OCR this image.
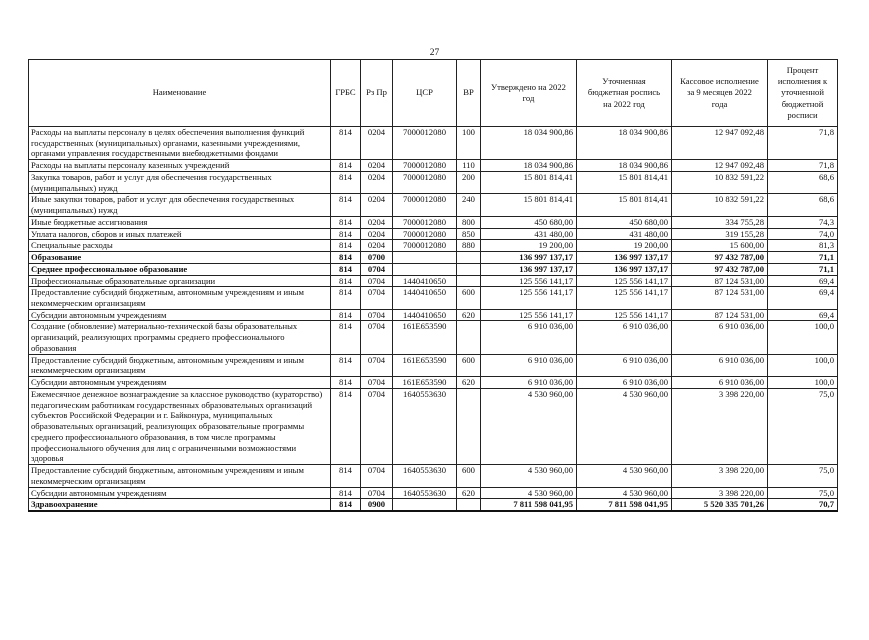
27
Наименование	ГРБС	Рз Пр	ЦСР	ВР	Утверждено на 2022 год	Уточненная бюджетная роспись на 2022 год	Кассовое исполнение за 9 месяцев 2022 года	Процент исполнения к уточненной бюджетной росписи
Расходы на выплаты персоналу в целях обеспечения выполнения функций государственных (муниципальных) органами, казенными учреждениями, органами управления государственными внебюджетными фондами	814	0204	7000012080	100	18 034 900,86	18 034 900,86	12 947 092,48	71,8
Расходы на выплаты персоналу казенных учреждений	814	0204	7000012080	110	18 034 900,86	18 034 900,86	12 947 092,48	71,8
Закупка товаров, работ и услуг для обеспечения государственных (муниципальных) нужд	814	0204	7000012080	200	15 801 814,41	15 801 814,41	10 832 591,22	68,6
Иные закупки товаров, работ и услуг для обеспечения государственных (муниципальных) нужд	814	0204	7000012080	240	15 801 814,41	15 801 814,41	10 832 591,22	68,6
Иные бюджетные ассигнования	814	0204	7000012080	800	450 680,00	450 680,00	334 755,28	74,3
Уплата налогов, сборов и иных платежей	814	0204	7000012080	850	431 480,00	431 480,00	319 155,28	74,0
Специальные расходы	814	0204	7000012080	880	19 200,00	19 200,00	15 600,00	81,3
Образование	814	0700			136 997 137,17	136 997 137,17	97 432 787,00	71,1
Среднее профессиональное образование	814	0704			136 997 137,17	136 997 137,17	97 432 787,00	71,1
Профессиональные образовательные организации	814	0704	1440410650		125 556 141,17	125 556 141,17	87 124 531,00	69,4
Предоставление субсидий бюджетным, автономным учреждениям и иным некоммерческим организациям	814	0704	1440410650	600	125 556 141,17	125 556 141,17	87 124 531,00	69,4
Субсидии автономным учреждениям	814	0704	1440410650	620	125 556 141,17	125 556 141,17	87 124 531,00	69,4
Создание (обновление) материально-технической базы образовательных организаций, реализующих программы среднего профессионального образования	814	0704	161Е653590		6 910 036,00	6 910 036,00	6 910 036,00	100,0
Предоставление субсидий бюджетным, автономным учреждениям и иным некоммерческим организациям	814	0704	161Е653590	600	6 910 036,00	6 910 036,00	6 910 036,00	100,0
Субсидии автономным учреждениям	814	0704	161Е653590	620	6 910 036,00	6 910 036,00	6 910 036,00	100,0
Ежемесячное денежное вознаграждение за классное руководство (кураторство) педагогическим работникам государственных образовательных организаций субъектов Российской Федерации и г. Байконура, муниципальных образовательных организаций, реализующих образовательные программы среднего профессионального образования, в том числе программы профессионального обучения для лиц с ограниченными возможностями здоровья	814	0704	1640553630		4 530 960,00	4 530 960,00	3 398 220,00	75,0
Предоставление субсидий бюджетным, автономным учреждениям и иным некоммерческим организациям	814	0704	1640553630	600	4 530 960,00	4 530 960,00	3 398 220,00	75,0
Субсидии автономным учреждениям	814	0704	1640553630	620	4 530 960,00	4 530 960,00	3 398 220,00	75,0
Здравоохранение	814	0900			7 811 598 041,95	7 811 598 041,95	5 520 335 701,26	70,7
